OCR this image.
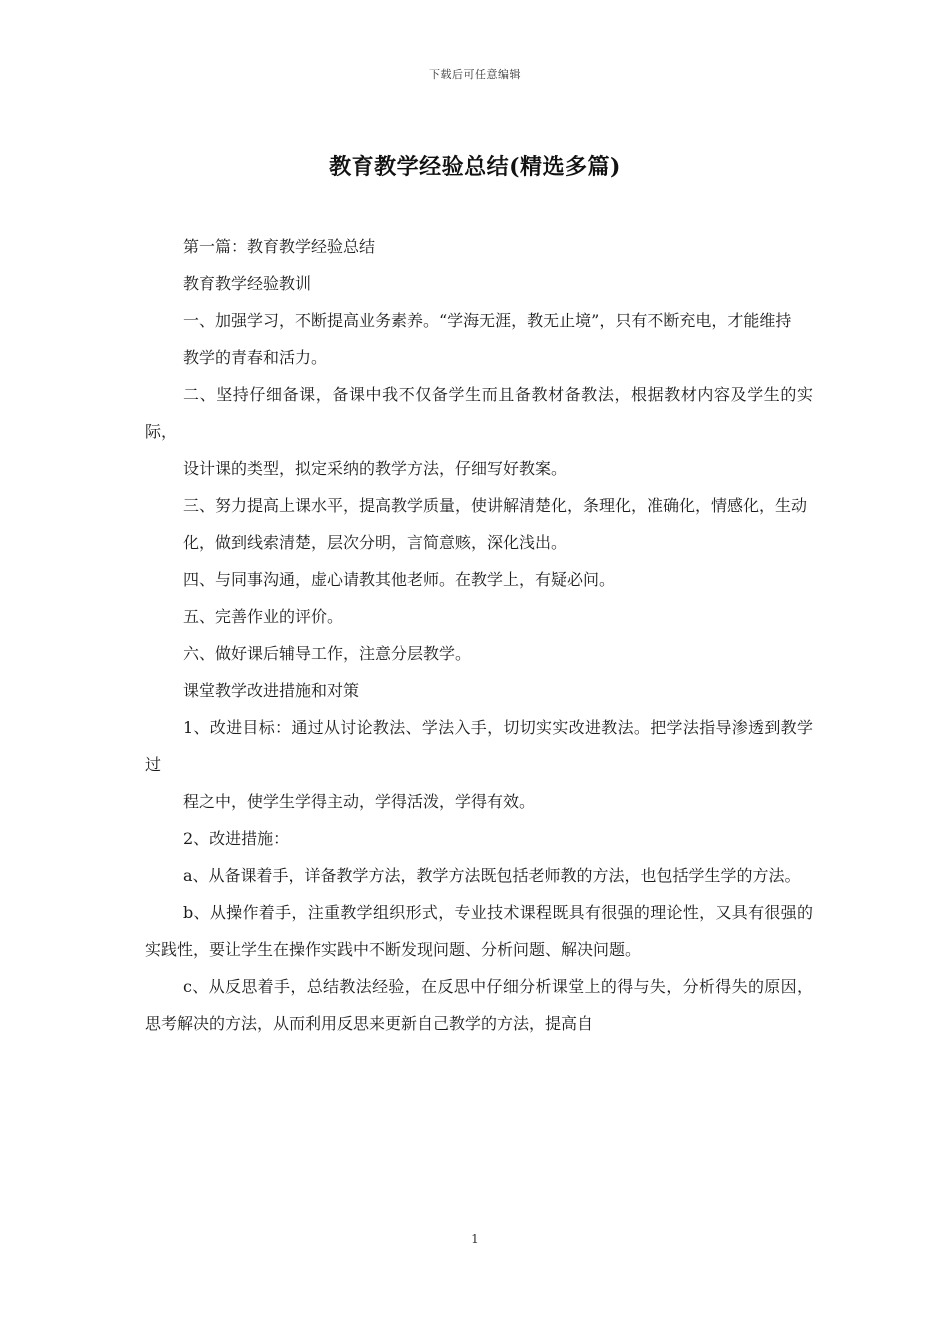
下载后可任意编辑
教育教学经验总结(精选多篇)

第一篇：教育教学经验总结

教育教学经验教训

一、加强学习，不断提高业务素养。“学海无涯，教无止境”，只有不断充电，才能维持

教学的青春和活力。

二、坚持仔细备课，备课中我不仅备学生而且备教材备教法，根据教材内容及学生的实际，

设计课的类型，拟定采纳的教学方法，仔细写好教案。

三、努力提高上课水平，提高教学质量，使讲解清楚化，条理化，准确化，情感化，生动

化，做到线索清楚，层次分明，言简意赅，深化浅出。

四、与同事沟通，虚心请教其他老师。在教学上，有疑必问。

五、完善作业的评价。

六、做好课后辅导工作，注意分层教学。

课堂教学改进措施和对策

1、改进目标：通过从讨论教法、学法入手，切切实实改进教法。把学法指导渗透到教学过

程之中，使学生学得主动，学得活泼，学得有效。

2、改进措施：

a、从备课着手，详备教学方法，教学方法既包括老师教的方法，也包括学生学的方法。

b、从操作着手，注重教学组织形式，专业技术课程既具有很强的理论性，又具有很强的实践性，要让学生在操作实践中不断发现问题、分析问题、解决问题。

c、从反思着手，总结教法经验，在反思中仔细分析课堂上的得与失，分析得失的原因，思考解决的方法，从而利用反思来更新自己教学的方法，提高自

1
